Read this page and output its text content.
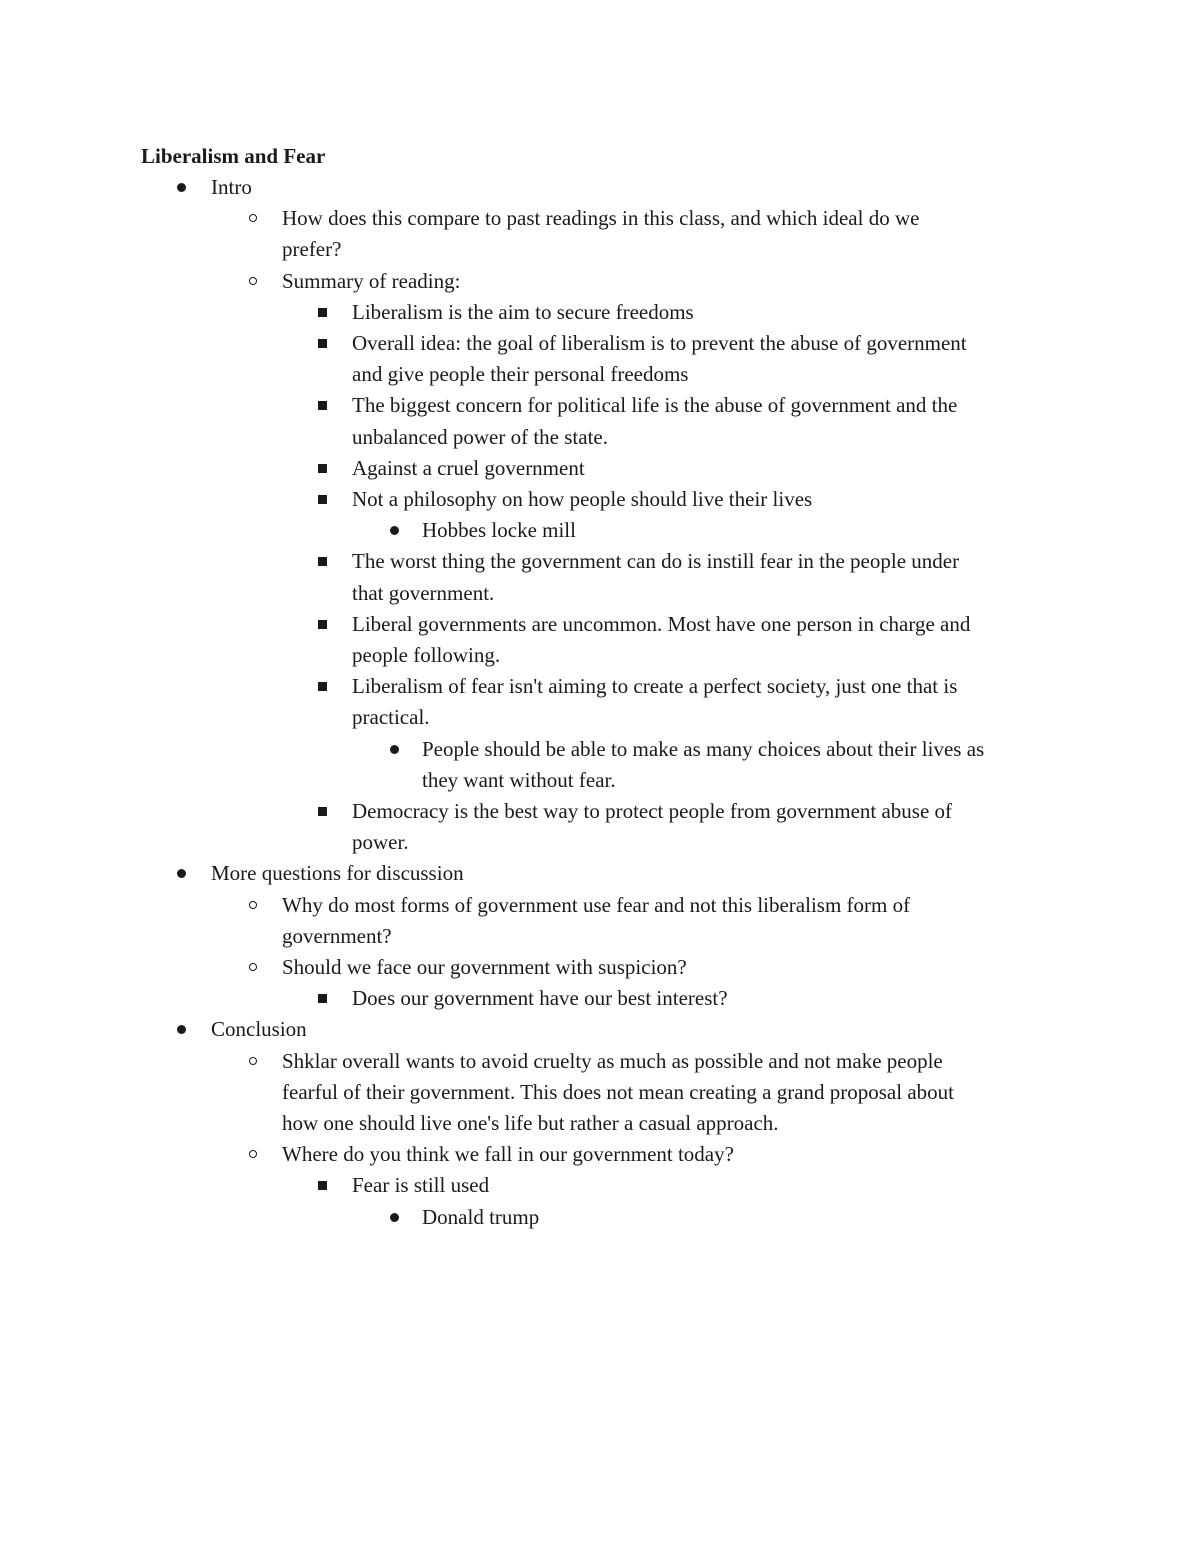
Liberalism and Fear
Intro
How does this compare to past readings in this class, and which ideal do we
prefer?
Summary of reading:
Liberalism is the aim to secure freedoms
Overall idea: the goal of liberalism is to prevent the abuse of government
and give people their personal freedoms
The biggest concern for political life is the abuse of government and the
unbalanced power of the state.
Against a cruel government
Not a philosophy on how people should live their lives
Hobbes locke mill
The worst thing the government can do is instill fear in the people under
that government.
Liberal governments are uncommon. Most have one person in charge and
people following.
Liberalism of fear isn't aiming to create a perfect society, just one that is
practical.
People should be able to make as many choices about their lives as
they want without fear.
Democracy is the best way to protect people from government abuse of
power.
More questions for discussion
Why do most forms of government use fear and not this liberalism form of
government?
Should we face our government with suspicion?
Does our government have our best interest?
Conclusion
Shklar overall wants to avoid cruelty as much as possible and not make people
fearful of their government. This does not mean creating a grand proposal about
how one should live one's life but rather a casual approach.
Where do you think we fall in our government today?
Fear is still used
Donald trump
